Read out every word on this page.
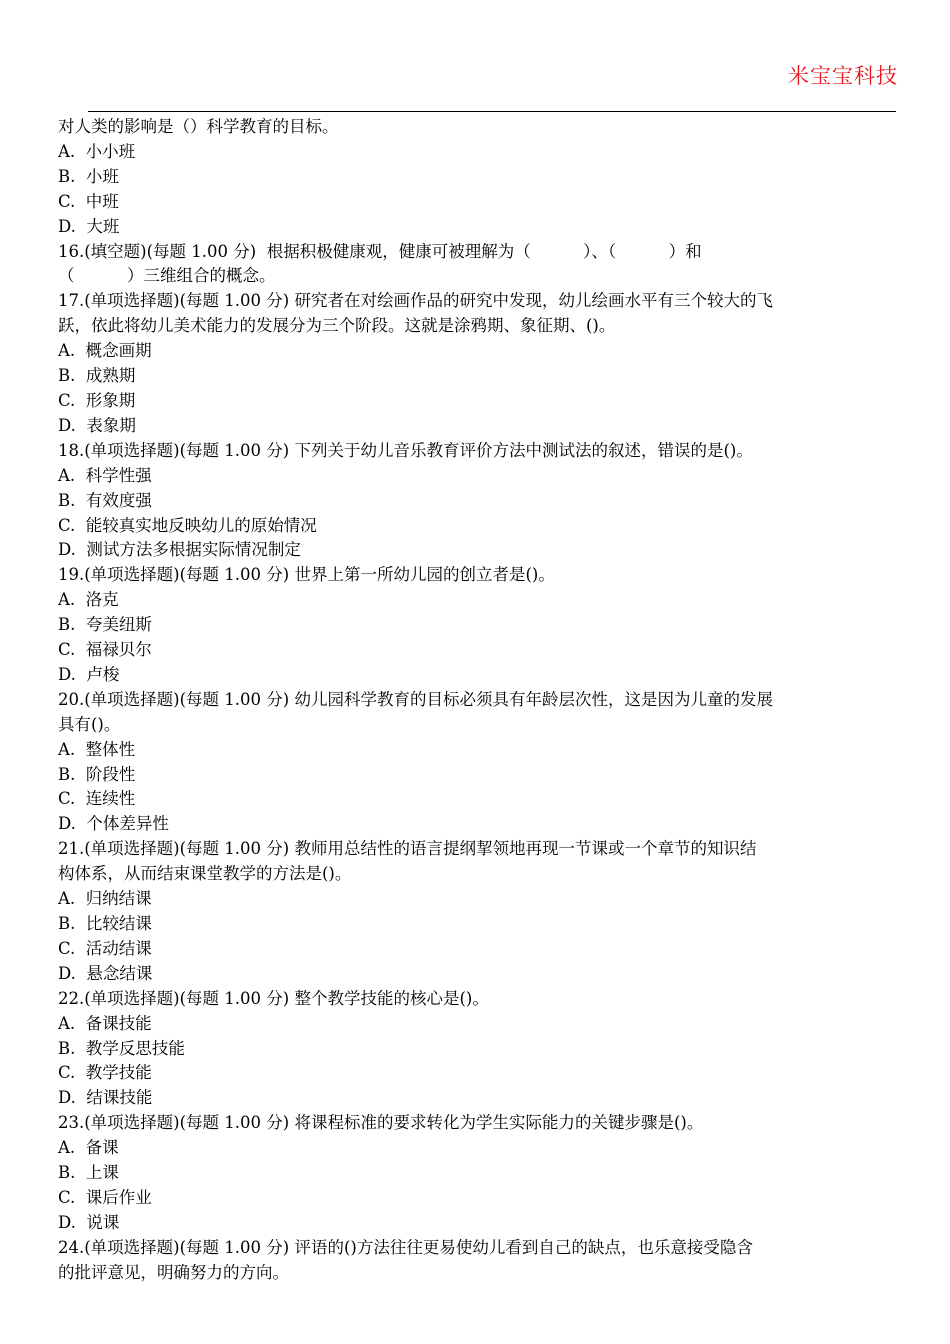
米宝宝科技
对人类的影响是（）科学教育的目标。
A.  小小班
B.  小班
C.  中班
D.  大班
16.(填空题)(每题 1.00 分)  根据积极健康观，健康可被理解为（          ）、（          ）和
（          ）三维组合的概念。
17.(单项选择题)(每题 1.00 分) 研究者在对绘画作品的研究中发现，幼儿绘画水平有三个较大的飞
跃，依此将幼儿美术能力的发展分为三个阶段。这就是涂鸦期、象征期、()。
A.  概念画期
B.  成熟期
C.  形象期
D.  表象期
18.(单项选择题)(每题 1.00 分) 下列关于幼儿音乐教育评价方法中测试法的叙述，错误的是()。
A.  科学性强
B.  有效度强
C.  能较真实地反映幼儿的原始情况
D.  测试方法多根据实际情况制定
19.(单项选择题)(每题 1.00 分) 世界上第一所幼儿园的创立者是()。
A.  洛克
B.  夸美纽斯
C.  福禄贝尔
D.  卢梭
20.(单项选择题)(每题 1.00 分) 幼儿园科学教育的目标必须具有年龄层次性，这是因为儿童的发展
具有()。
A.  整体性
B.  阶段性
C.  连续性
D.  个体差异性
21.(单项选择题)(每题 1.00 分) 教师用总结性的语言提纲挈领地再现一节课或一个章节的知识结
构体系，从而结束课堂教学的方法是()。
A.  归纳结课
B.  比较结课
C.  活动结课
D.  悬念结课
22.(单项选择题)(每题 1.00 分) 整个教学技能的核心是()。
A.  备课技能
B.  教学反思技能
C.  教学技能
D.  结课技能
23.(单项选择题)(每题 1.00 分) 将课程标准的要求转化为学生实际能力的关键步骤是()。
A.  备课
B.  上课
C.  课后作业
D.  说课
24.(单项选择题)(每题 1.00 分) 评语的()方法往往更易使幼儿看到自己的缺点，也乐意接受隐含
的批评意见，明确努力的方向。
